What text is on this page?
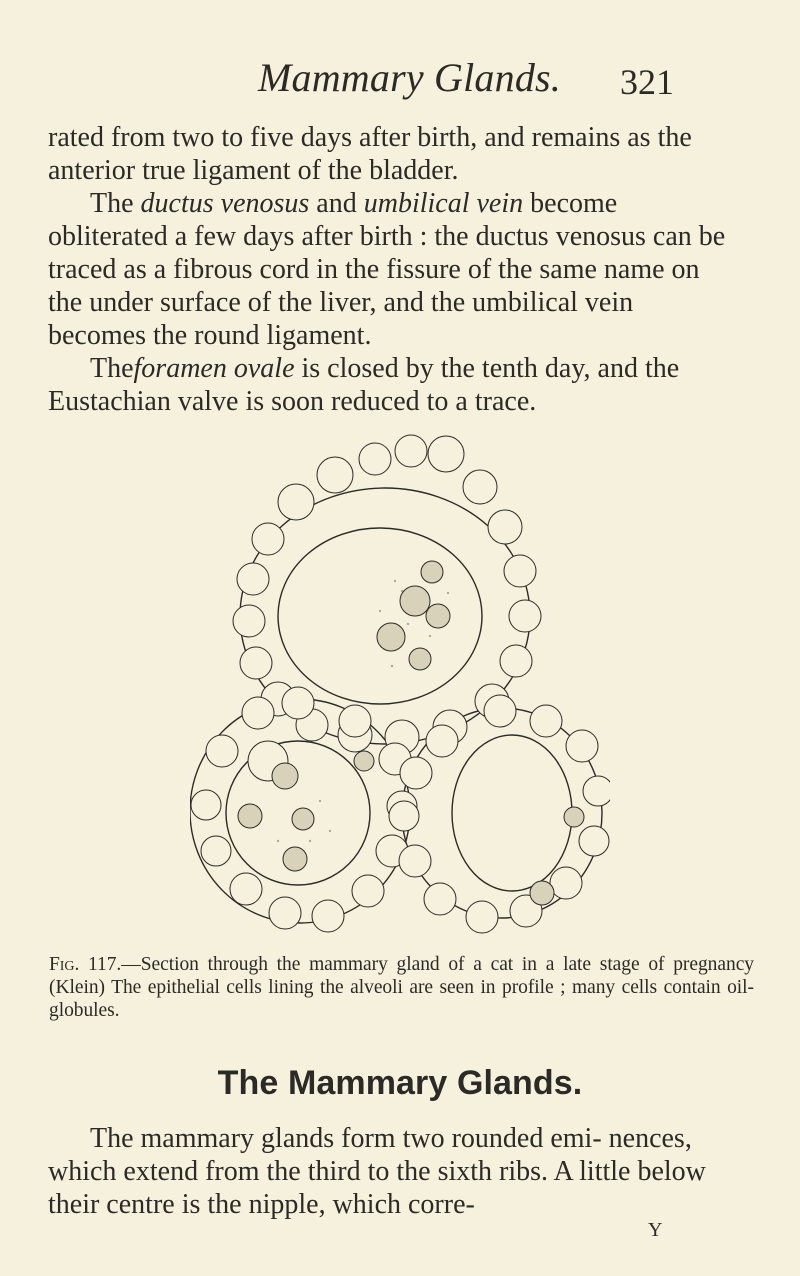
Mammary Glands. 321

rated from two to five days after birth, and remains as the anterior true ligament of the bladder.

The ductus venosus and umbilical vein become obliterated a few days after birth : the ductus venosus can be traced as a fibrous cord in the fissure of the same name on the under surface of the liver, and the umbilical vein becomes the round ligament.

Theforamen ovale is closed by the tenth day, and the Eustachian valve is soon reduced to a trace.

Fig. 117.—Section through the mammary gland of a cat in a late stage of pregnancy (Klein) The epithelial cells lining the alveoli are seen in profile ; many cells contain oil-globules.

The Mammary Glands.

The mammary glands form two rounded emi- nences, which extend from the third to the sixth ribs. A little below their centre is the nipple, which corre-

Y
